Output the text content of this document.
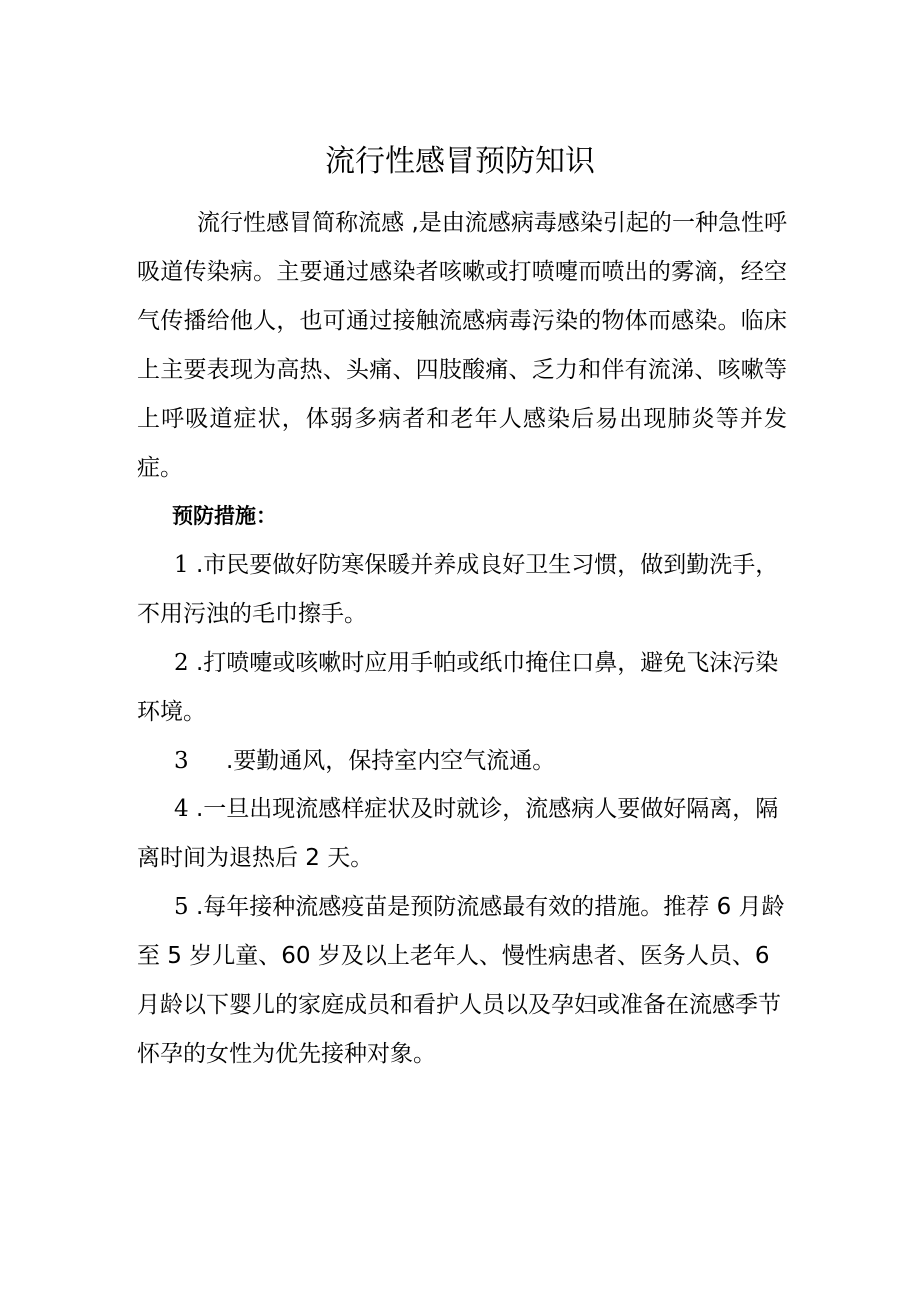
流行性感冒预防知识

流行性感冒简称流感 ,是由流感病毒感染引起的一种急性呼吸道传染病。主要通过感染者咳嗽或打喷嚏而喷出的雾滴，经空气传播给他人，也可通过接触流感病毒污染的物体而感染。临床上主要表现为高热、头痛、四肢酸痛、乏力和伴有流涕、咳嗽等上呼吸道症状，体弱多病者和老年人感染后易出现肺炎等并发症。

预防措施：

1 .市民要做好防寒保暖并养成良好卫生习惯，做到勤洗手，不用污浊的毛巾擦手。

2 .打喷嚏或咳嗽时应用手帕或纸巾掩住口鼻，避免飞沫污染环境。

3 .要勤通风，保持室内空气流通。

4 .一旦出现流感样症状及时就诊，流感病人要做好隔离，隔离时间为退热后 2 天。

5 .每年接种流感疫苗是预防流感最有效的措施。推荐 6 月龄至 5 岁儿童、60 岁及以上老年人、慢性病患者、医务人员、6 月龄以下婴儿的家庭成员和看护人员以及孕妇或准备在流感季节怀孕的女性为优先接种对象。
